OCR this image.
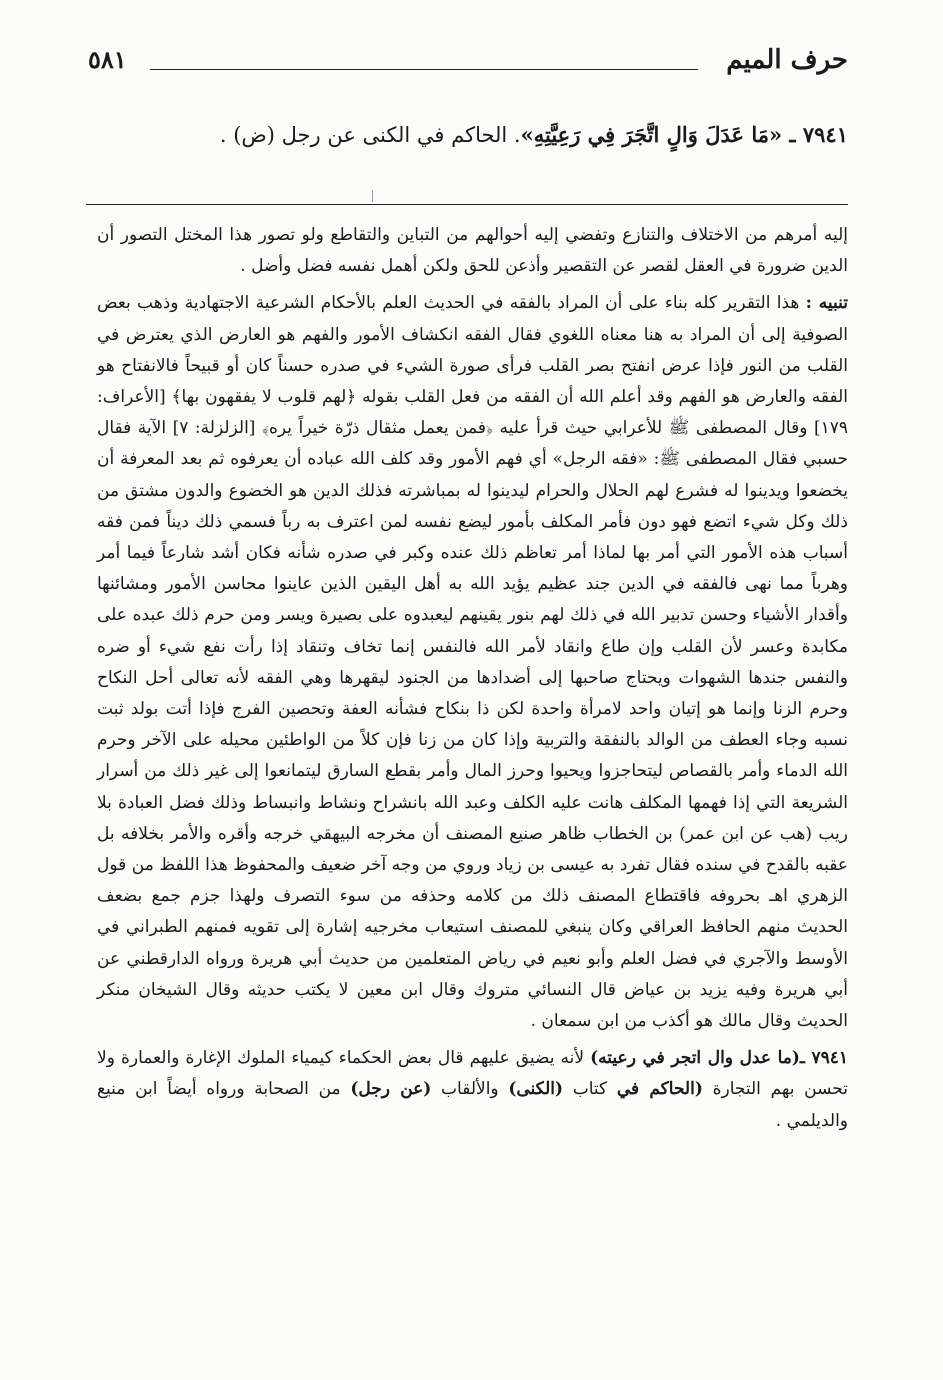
حرف الميم
٥٨١
٧٩٤١ ـ «مَا عَدَلَ وَالٍ اتَّجَرَ فِي رَعِيَّتِهِ». الحاكم في الكنى عن رجل (ض) .

إليه أمرهم من الاختلاف والتنازع وتفضي إليه أحوالهم من التباين والتقاطع ولو تصور هذا المختل التصور أن الدين ضرورة في العقل لقصر عن التقصير وأذعن للحق ولكن أهمل نفسه فضل وأضل .

تنبيه : هذا التقرير كله بناء على أن المراد بالفقه في الحديث العلم بالأحكام الشرعية الاجتهادية وذهب بعض الصوفية إلى أن المراد به هنا معناه اللغوي فقال الفقه انكشاف الأمور والفهم هو العارض الذي يعترض في القلب من النور فإذا عرض انفتح بصر القلب فرأى صورة الشيء في صدره حسناً كان أو قبيحاً فالانفتاح هو الفقه والعارض هو الفهم وقد أعلم الله أن الفقه من فعل القلب بقوله ﴿لهم قلوب لا يفقهون بها﴾ [الأعراف: ١٧٩] وقال المصطفى ﷺ للأعرابي حيث قرأ عليه ﴿فمن يعمل مثقال ذرّة خيراً يره﴾ [الزلزلة: ٧] الآية فقال حسبي فقال المصطفى ﷺ: «فقه الرجل» أي فهم الأمور وقد كلف الله عباده أن يعرفوه ثم بعد المعرفة أن يخضعوا ويدينوا له فشرع لهم الحلال والحرام ليدينوا له بمباشرته فذلك الدين هو الخضوع والدون مشتق من ذلك وكل شيء اتضع فهو دون فأمر المكلف بأمور ليضع نفسه لمن اعترف به رباً فسمي ذلك ديناً فمن فقه أسباب هذه الأمور التي أمر بها لماذا أمر تعاظم ذلك عنده وكبر في صدره شأنه فكان أشد شارعاً فيما أمر وهرباً مما نهى فالفقه في الدين جند عظيم يؤيد الله به أهل اليقين الذين عاينوا محاسن الأمور ومشائنها وأقدار الأشياء وحسن تدبير الله في ذلك لهم بنور يقينهم ليعبدوه على بصيرة ويسر ومن حرم ذلك عبده على مكابدة وعسر لأن القلب وإن طاع وانقاد لأمر الله فالنفس إنما تخاف وتنقاد إذا رأت نفع شيء أو ضره والنفس جندها الشهوات ويحتاج صاحبها إلى أضدادها من الجنود ليقهرها وهي الفقه لأنه تعالى أحل النكاح وحرم الزنا وإنما هو إتيان واحد لامرأة واحدة لكن ذا بنكاح فشأنه العفة وتحصين الفرج فإذا أتت بولد ثبت نسبه وجاء العطف من الوالد بالنفقة والتربية وإذا كان من زنا فإن كلاً من الواطئين محيله على الآخر وحرم الله الدماء وأمر بالقصاص ليتحاجزوا ويحيوا وحرز المال وأمر بقطع السارق ليتمانعوا إلى غير ذلك من أسرار الشريعة التي إذا فهمها المكلف هانت عليه الكلف وعبد الله بانشراح ونشاط وانبساط وذلك فضل العبادة بلا ريب (هب عن ابن عمر) بن الخطاب ظاهر صنيع المصنف أن مخرجه البيهقي خرجه وأقره والأمر بخلافه بل عقبه بالقدح في سنده فقال تفرد به عيسى بن زياد وروي من وجه آخر ضعيف والمحفوظ هذا اللفظ من قول الزهري اهـ بحروفه فاقتطاع المصنف ذلك من كلامه وحذفه من سوء التصرف ولهذا جزم جمع بضعف الحديث منهم الحافظ العراقي وكان ينبغي للمصنف استيعاب مخرجيه إشارة إلى تقويه فمنهم الطبراني في الأوسط والآجري في فضل العلم وأبو نعيم في رياض المتعلمين من حديث أبي هريرة ورواه الدارقطني عن أبي هريرة وفيه يزيد بن عياض قال النسائي متروك وقال ابن معين لا يكتب حديثه وقال الشيخان منكر الحديث وقال مالك هو أكذب من ابن سمعان .

٧٩٤١ ـ(ما عدل وال اتجر في رعيته) لأنه يضيق عليهم قال بعض الحكماء كيمياء الملوك الإغارة والعمارة ولا تحسن بهم التجارة (الحاكم في كتاب (الكنى) والألقاب (عن رجل) من الصحابة ورواه أيضاً ابن منيع والديلمي .
